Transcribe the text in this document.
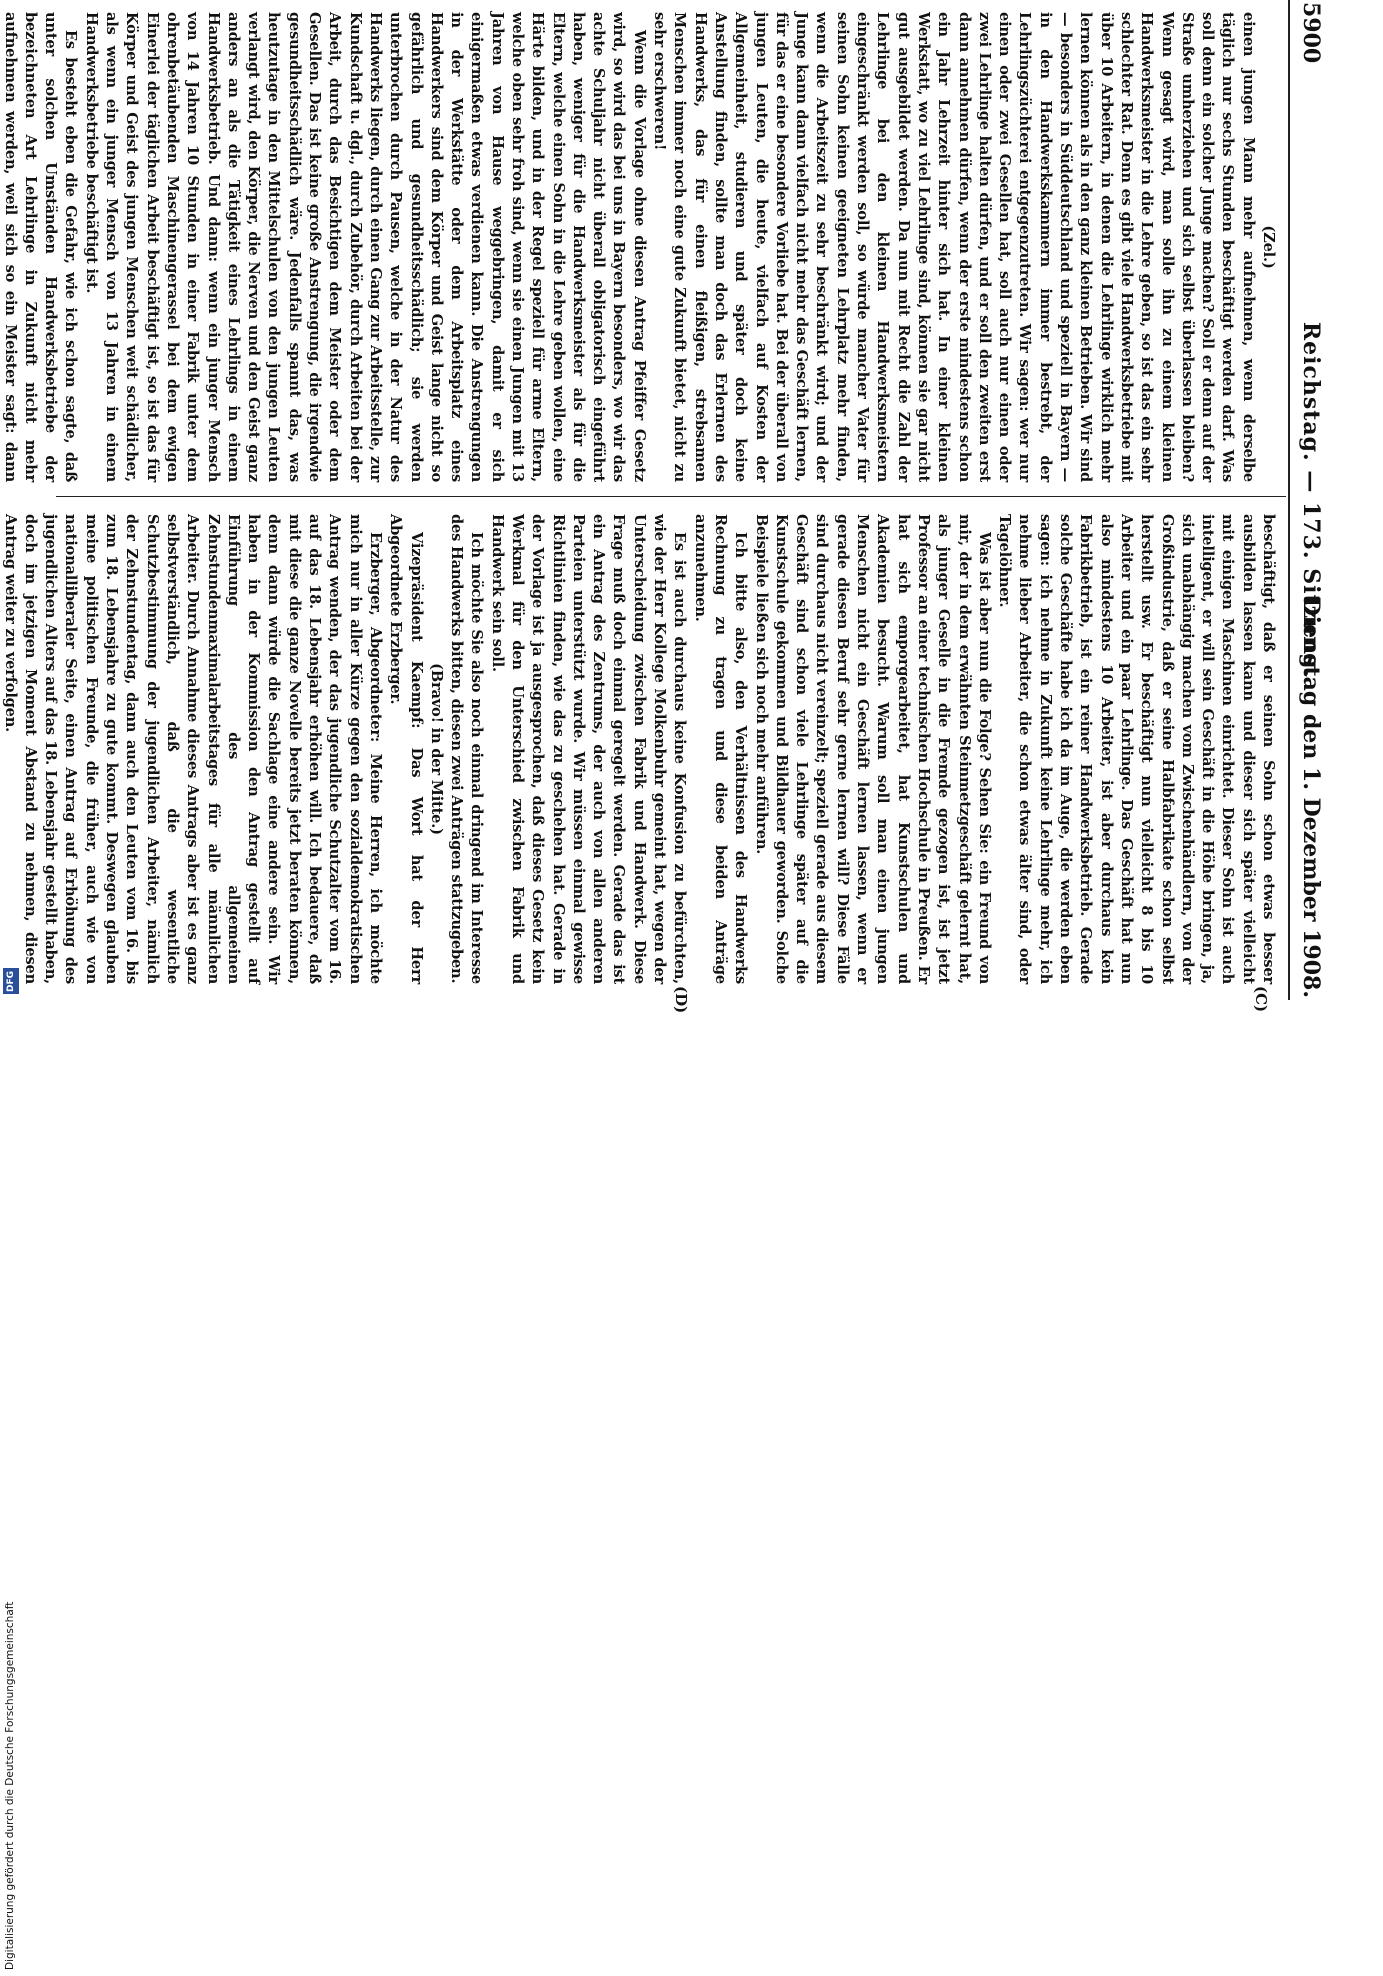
5900
Reichstag. — 173. Sitzung.
Dienstag den 1. Dezember 1908.
(C)
(D)

(Zel.)

einen jungen Mann mehr aufnehmen, wenn derselbe täglich nur sechs Stunden beschäftigt werden darf. Was soll denn ein solcher Junge machen? Soll er denn auf der Straße umherziehen und sich selbst überlassen bleiben? Wenn gesagt wird, man solle ihn zu einem kleinen Handwerksmeister in die Lehre geben, so ist das ein sehr schlechter Rat. Denn es gibt viele Handwerksbetriebe mit über 10 Arbeitern, in denen die Lehrlinge wirklich mehr lernen können als in den ganz kleinen Betrieben. Wir sind — besonders in Süddeutschland und speziell in Bayern — in den Handwerkskammern immer bestrebt, der Lehrlingszüchterei entgegenzutreten. Wir sagen: wer nur einen oder zwei Gesellen hat, soll auch nur einen oder zwei Lehrlinge halten dürfen, und er soll den zweiten erst dann annehmen dürfen, wenn der erste mindestens schon ein Jahr Lehrzeit hinter sich hat. In einer kleinen Werkstatt, wo zu viel Lehrlinge sind, können sie gar nicht gut ausgebildet werden. Da nun mit Recht die Zahl der Lehrlinge bei den kleinen Handwerksmeistern eingeschränkt werden soll, so würde mancher Vater für seinen Sohn keinen geeigneten Lehrplatz mehr finden, wenn die Arbeitszeit zu sehr beschränkt wird; und der Junge kann dann vielfach nicht mehr das Geschäft lernen, für das er eine besondere Vorliebe hat. Bei der überall von jungen Leuten, die heute, vielfach auf Kosten der Allgemeinheit, studieren und später doch keine Anstellung finden, sollte man doch das Erlernen des Handwerks, das für einen fleißigen, strebsamen Menschen immer noch eine gute Zukunft bietet, nicht zu sehr erschweren!

Wenn die Vorlage ohne diesen Antrag Pfeiffer Gesetz wird, so wird das bei uns in Bayern besonders, wo wir das achte Schuljahr nicht überall obligatorisch eingeführt haben, weniger für die Handwerksmeister als für die Eltern, welche einen Sohn in die Lehre geben wollen, eine Härte bilden, und in der Regel speziell für arme Eltern, welche oben sehr froh sind, wenn sie einen Jungen mit 13 Jahren von Hause weggebringen, damit er sich einigermaßen etwas verdienen kann. Die Anstrengungen in der Werkstätte oder dem Arbeitsplatz eines Handwerkers sind dem Körper und Geist lange nicht so gefährlich und gesundheitsschädlich; sie werden unterbrochen durch Pausen, welche in der Natur des Handwerks liegen, durch einen Gang zur Arbeitsstelle, zur Kundschaft u. dgl., durch Zubehör, durch Arbeiten bei der Arbeit, durch das Besichtigen dem Meister oder dem Gesellen. Das ist keine große Anstrengung, die irgendwie gesundheitsschädlich wäre. Jedenfalls spannt das, was heutzutage in den Mittelschulen von den jungen Leuten verlangt wird, den Körper, die Nerven und den Geist ganz anders an als die Tätigkeit eines Lehrlings in einem Handwerksbetrieb. Und dann: wenn ein junger Mensch von 14 Jahren 10 Stunden in einer Fabrik unter dem ohrenbetäubenden Maschinengerassel bei dem ewigen Einerlei der täglichen Arbeit beschäftigt ist, so ist das für Körper und Geist des jungen Menschen weit schädlicher, als wenn ein junger Mensch von 13 Jahren in einem Handwerksbetriebe beschäftigt ist.

Es besteht eben die Gefahr, wie ich schon sagte, daß unter solchen Umständen Handwerksbetriebe der bezeichneten Art Lehrlinge in Zukunft nicht mehr aufnehmen werden, weil sich so ein Meister sagt: dann

beschäftigt, daß er seinen Sohn schon etwas besser ausbilden lassen kann und dieser sich später vielleicht mit einigen Maschinen einrichtet. Dieser Sohn ist auch intelligent, er will sein Geschäft in die Höhe bringen, ja, sich unabhängig machen vom Zwischenhändlern, von der Großindustrie, daß er seine Halbfabrikate schon selbst herstellt usw. Er beschäftigt nun vielleicht 8 bis 10 Arbeiter und ein paar Lehrlinge. Das Geschäft hat nun also mindestens 10 Arbeiter, ist aber durchaus kein Fabrikbetrieb, ist ein reiner Handwerksbetrieb. Gerade solche Geschäfte habe ich da im Auge, die werden eben sagen: ich nehme in Zukunft keine Lehrlinge mehr, ich nehme lieber Arbeiter, die schon etwas älter sind, oder Tagelöhner.

Was ist aber nun die Folge? Sehen Sie: ein Freund von mir, der in dem erwähnten Steinmetzgeschäft gelernt hat, als junger Geselle in die Fremde gezogen ist, ist jetzt Professor an einer technischen Hochschule in Preußen. Er hat sich emporgearbeitet, hat Kunstschulen und Akademien besucht. Warum soll man einen jungen Menschen nicht ein Geschäft lernen lassen, wenn er gerade diesen Beruf sehr gerne lernen will? Diese Fälle sind durchaus nicht vereinzelt; speziell gerade aus diesem Geschäft sind schon viele Lehrlinge später auf die Kunstschule gekommen und Bildhauer geworden. Solche Beispiele ließen sich noch mehr anführen.

Ich bitte also, den Verhältnissen des Handwerks Rechnung zu tragen und diese beiden Anträge anzunehmen.

Es ist auch durchaus keine Konfusion zu befürchten, wie der Herr Kollege Molkenbuhr gemeint hat, wegen der Unterscheidung zwischen Fabrik und Handwerk. Diese Frage muß doch einmal geregelt werden. Gerade das ist ein Antrag des Zentrums, der auch von allen anderen Parteien unterstützt wurde. Wir müssen einmal gewisse Richtlinien finden, wie das zu geschehen hat. Gerade in der Vorlage ist ja ausgesprochen, daß dieses Gesetz kein Werkmal für den Unterschied zwischen Fabrik und Handwerk sein soll.

Ich möchte Sie also noch einmal dringend im Interesse des Handwerks bitten, diesen zwei Anträgen stattzugeben.

(Bravo! in der Mitte.)

Vizepräsident Kaempf: Das Wort hat der Herr Abgeordnete Erzberger.

Erzberger, Abgeordneter: Meine Herren, ich möchte mich nur in aller Kürze gegen den sozialdemokratischen Antrag wenden, der das jugendliche Schutzalter vom 16. auf das 18. Lebensjahr erhöhen will. Ich bedauere, daß mit diese die ganze Novelle bereits jetzt beraten können, denn dann würde die Sachlage eine andere sein. Wir haben in der Kommission den Antrag gestellt auf Einführung des allgemeinen Zehnstundenmaximalarbeitstages für alle männlichen Arbeiter. Durch Annahme dieses Antrags aber ist es ganz selbstverständlich, daß die wesentliche Schutzbestimmung der jugendlichen Arbeiter, nämlich der Zehnstundentag, dann auch den Leuten vom 16. bis zum 18. Lebensjahre zu gute kommt. Deswegen glauben meine politischen Freunde, die früher, auch wie von nationalliberaler Seite, einen Antrag auf Erhöhung des jugendlichen Alters auf das 18. Lebensjahr gestellt haben, doch im jetzigen Moment Abstand zu nehmen, diesen Antrag weiter zu verfolgen.

Digitalisierung gefördert durch die Deutsche Forschungsgemeinschaft
DFG
